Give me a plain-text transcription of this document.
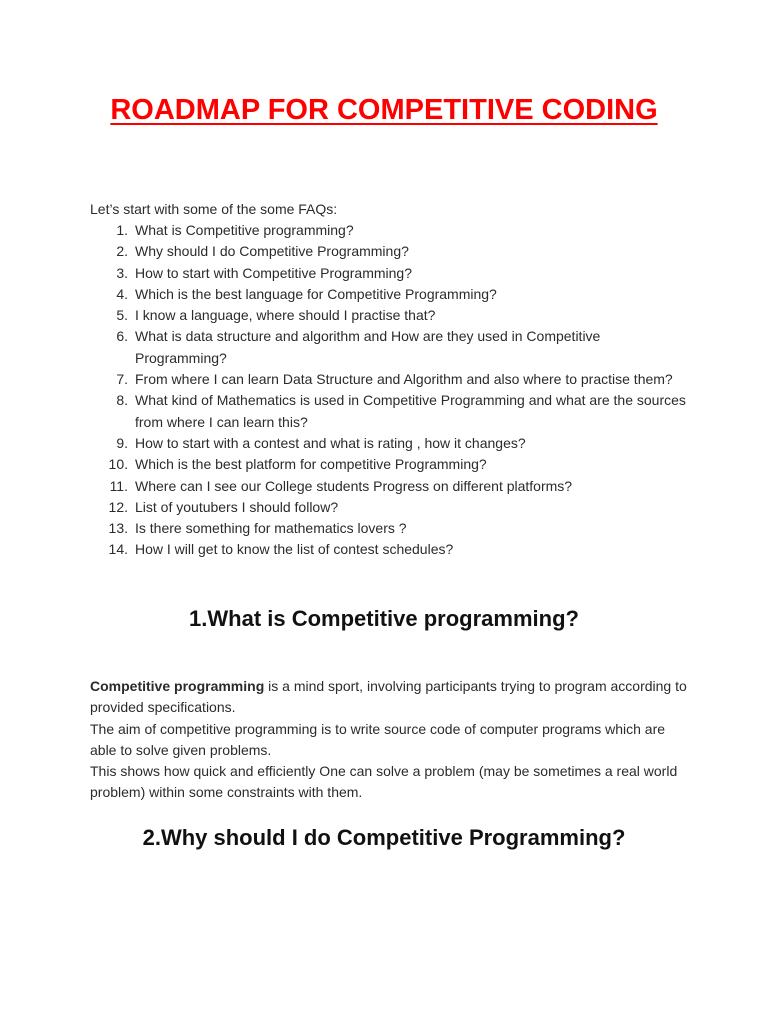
ROADMAP FOR COMPETITIVE CODING

Let’s start with some of the some FAQs:

1. What is Competitive programming?
2. Why should I do Competitive Programming?
3. How to start with Competitive Programming?
4. Which is the best language for Competitive Programming?
5. I know a language, where should I practise that?
6. What is data structure and algorithm and How are they used in Competitive Programming?
7. From where I can learn Data Structure and Algorithm and also where to practise them?
8. What kind of Mathematics is used in Competitive Programming and what are the sources from where I can learn this?
9. How to start with a contest and what is rating , how it changes?
10. Which is the best platform for competitive Programming?
11. Where can I see our College students Progress on different platforms?
12. List of youtubers I should follow?
13. Is there something for mathematics lovers ?
14. How I will get to know the list of contest schedules?
1.What is Competitive programming?

Competitive programming is a mind sport, involving participants trying to program according to provided specifications.

The aim of competitive programming is to write source code of computer programs which are able to solve given problems.

This shows how quick and efficiently One can solve a problem (may be sometimes a real world problem) within some constraints with them.

2.Why should I do Competitive Programming?
